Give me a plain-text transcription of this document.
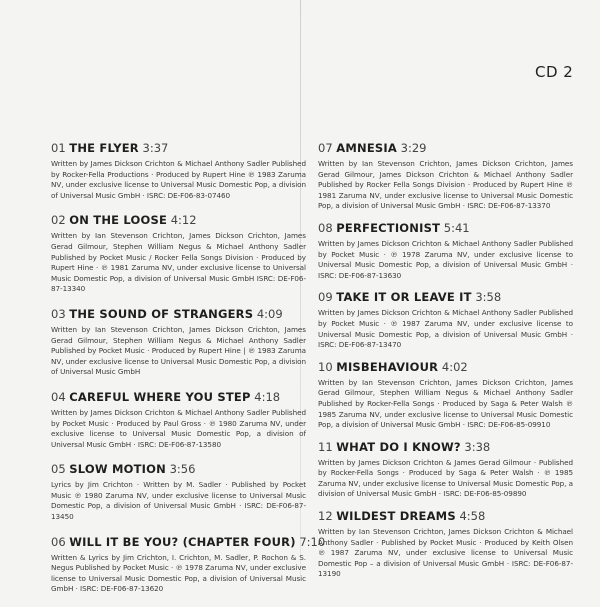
CD 2
01 THE FLYER 3:37
Written by James Dickson Crichton & Michael Anthony Sadler Published by Rocker-Fella Productions · Produced by Rupert Hine ℗ 1983 Zaruma NV, under exclusive license to Universal Music Domestic Pop, a division of Universal Music GmbH · ISRC: DE-F06-83-07460
02 ON THE LOOSE 4:12
Written by Ian Stevenson Crichton, James Dickson Crichton, James Gerad Gilmour, Stephen William Negus & Michael Anthony Sadler Published by Pocket Music / Rocker Fella Songs Division · Produced by Rupert Hine · ℗ 1981 Zaruma NV, under exclusive license to Universal Music Domestic Pop, a division of Universal Music GmbH ISRC: DE-F06-87-13340
03 THE SOUND OF STRANGERS 4:09
Written by Ian Stevenson Crichton, James Dickson Crichton, James Gerad Gilmour, Stephen William Negus & Michael Anthony Sadler Published by Pocket Music · Produced by Rupert Hine | ℗ 1983 Zaruma NV, under exclusive license to Universal Music Domestic Pop, a division of Universal Music GmbH
04 CAREFUL WHERE YOU STEP 4:18
Written by James Dickson Crichton & Michael Anthony Sadler Published by Pocket Music · Produced by Paul Gross · ℗ 1980 Zaruma NV, under exclusive license to Universal Music Domestic Pop, a division of Universal Music GmbH · ISRC: DE-F06-87-13580
05 SLOW MOTION 3:56
Lyrics by Jim Crichton · Written by M. Sadler · Published by Pocket Music ℗ 1980 Zaruma NV, under exclusive license to Universal Music Domestic Pop, a division of Universal Music GmbH · ISRC: DE-F06-87-13450
06 WILL IT BE YOU? (CHAPTER FOUR) 7:10
Written & Lyrics by Jim Crichton, I. Crichton, M. Sadler, P. Rochon & S. Negus Published by Pocket Music · ℗ 1978 Zaruma NV, under exclusive license to Universal Music Domestic Pop, a division of Universal Music GmbH · ISRC: DE-F06-87-13620
07 AMNESIA 3:29
Written by Ian Stevenson Crichton, James Dickson Crichton, James Gerad Gilmour, James Dickson Crichton & Michael Anthony Sadler Published by Rocker Fella Songs Division · Produced by Rupert Hine ℗ 1981 Zaruma NV, under exclusive license to Universal Music Domestic Pop, a division of Universal Music GmbH · ISRC: DE-F06-87-13370
08 PERFECTIONIST 5:41
Written by James Dickson Crichton & Michael Anthony Sadler Published by Pocket Music · ℗ 1978 Zaruma NV, under exclusive license to Universal Music Domestic Pop, a division of Universal Music GmbH · ISRC: DE-F06-87-13630
09 TAKE IT OR LEAVE IT 3:58
Written by James Dickson Crichton & Michael Anthony Sadler Published by Pocket Music · ℗ 1987 Zaruma NV, under exclusive license to Universal Music Domestic Pop, a division of Universal Music GmbH · ISRC: DE-F06-87-13470
10 MISBEHAVIOUR 4:02
Written by Ian Stevenson Crichton, James Dickson Crichton, James Gerad Gilmour, Stephen William Negus & Michael Anthony Sadler Published by Rocker-Fella Songs · Produced by Saga & Peter Walsh ℗ 1985 Zaruma NV, under exclusive license to Universal Music Domestic Pop, a division of Universal Music GmbH · ISRC: DE-F06-85-09910
11 WHAT DO I KNOW? 3:38
Written by James Dickson Crichton & James Gerad Gilmour · Published by Rocker-Fella Songs · Produced by Saga & Peter Walsh · ℗ 1985 Zaruma NV, under exclusive license to Universal Music Domestic Pop, a division of Universal Music GmbH · ISRC: DE-F06-85-09890
12 WILDEST DREAMS 4:58
Written by Ian Stevenson Crichton, James Dickson Crichton & Michael Anthony Sadler · Published by Pocket Music · Produced by Keith Olsen ℗ 1987 Zaruma NV, under exclusive license to Universal Music Domestic Pop – a division of Universal Music GmbH · ISRC: DE-F06-87-13190
